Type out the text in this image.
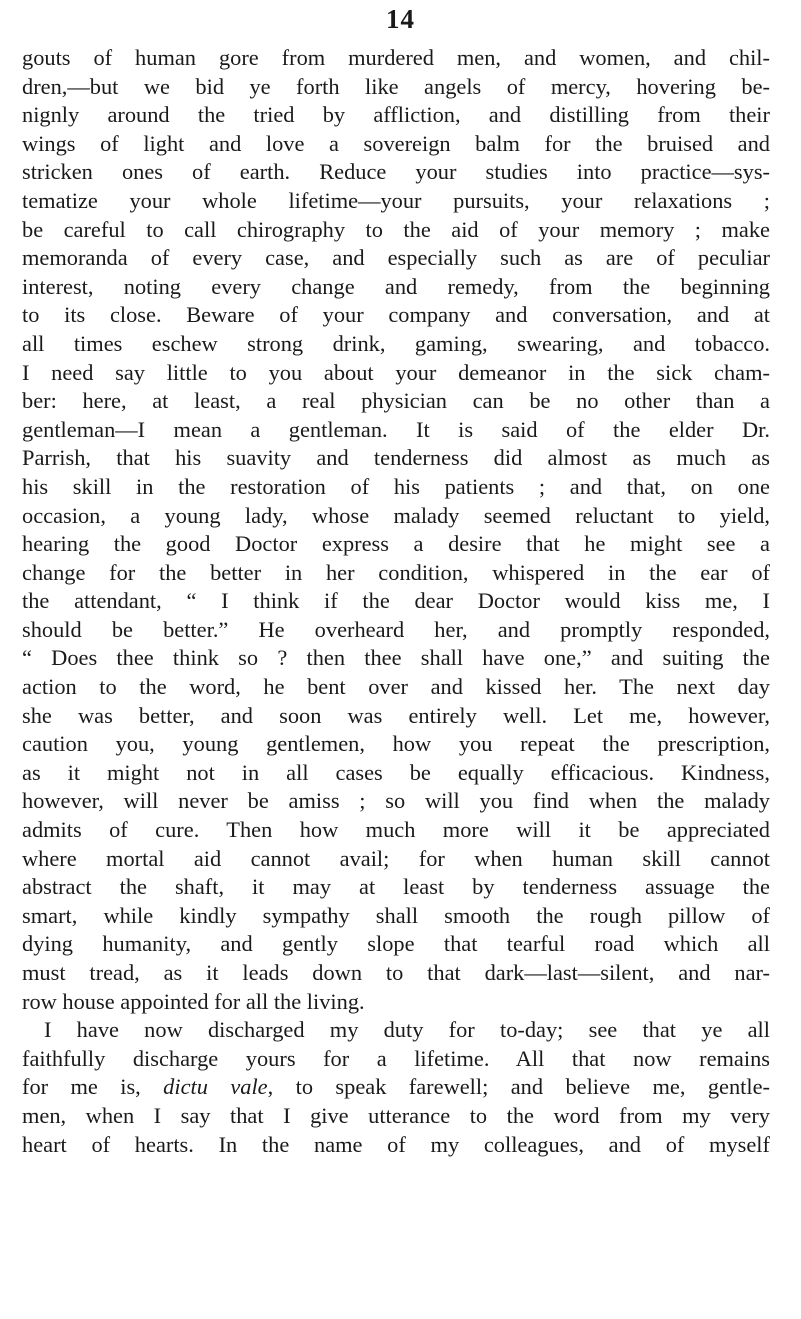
14
gouts of human gore from murdered men, and women, and chil-
dren,—but we bid ye forth like angels of mercy, hovering be-
nignly around the tried by affliction, and distilling from their
wings of light and love a sovereign balm for the bruised and
stricken ones of earth. Reduce your studies into practice—sys-
tematize your whole lifetime—your pursuits, your relaxations ;
be careful to call chirography to the aid of your memory ; make
memoranda of every case, and especially such as are of peculiar
interest, noting every change and remedy, from the beginning
to its close. Beware of your company and conversation, and at
all times eschew strong drink, gaming, swearing, and tobacco.
I need say little to you about your demeanor in the sick cham-
ber: here, at least, a real physician can be no other than a
gentleman—I mean a gentleman. It is said of the elder Dr.
Parrish, that his suavity and tenderness did almost as much as
his skill in the restoration of his patients ; and that, on one
occasion, a young lady, whose malady seemed reluctant to yield,
hearing the good Doctor express a desire that he might see a
change for the better in her condition, whispered in the ear of
the attendant, “ I think if the dear Doctor would kiss me, I
should be better.” He overheard her, and promptly responded,
“ Does thee think so ? then thee shall have one,” and suiting the
action to the word, he bent over and kissed her. The next day
she was better, and soon was entirely well. Let me, however,
caution you, young gentlemen, how you repeat the prescription,
as it might not in all cases be equally efficacious. Kindness,
however, will never be amiss ; so will you find when the malady
admits of cure. Then how much more will it be appreciated
where mortal aid cannot avail; for when human skill cannot
abstract the shaft, it may at least by tenderness assuage the
smart, while kindly sympathy shall smooth the rough pillow of
dying humanity, and gently slope that tearful road which all
must tread, as it leads down to that dark—last—silent, and nar-
row house appointed for all the living.
I have now discharged my duty for to-day; see that ye all
faithfully discharge yours for a lifetime. All that now remains
for me is, dictu vale, to speak farewell; and believe me, gentle-
men, when I say that I give utterance to the word from my very
heart of hearts. In the name of my colleagues, and of myself
